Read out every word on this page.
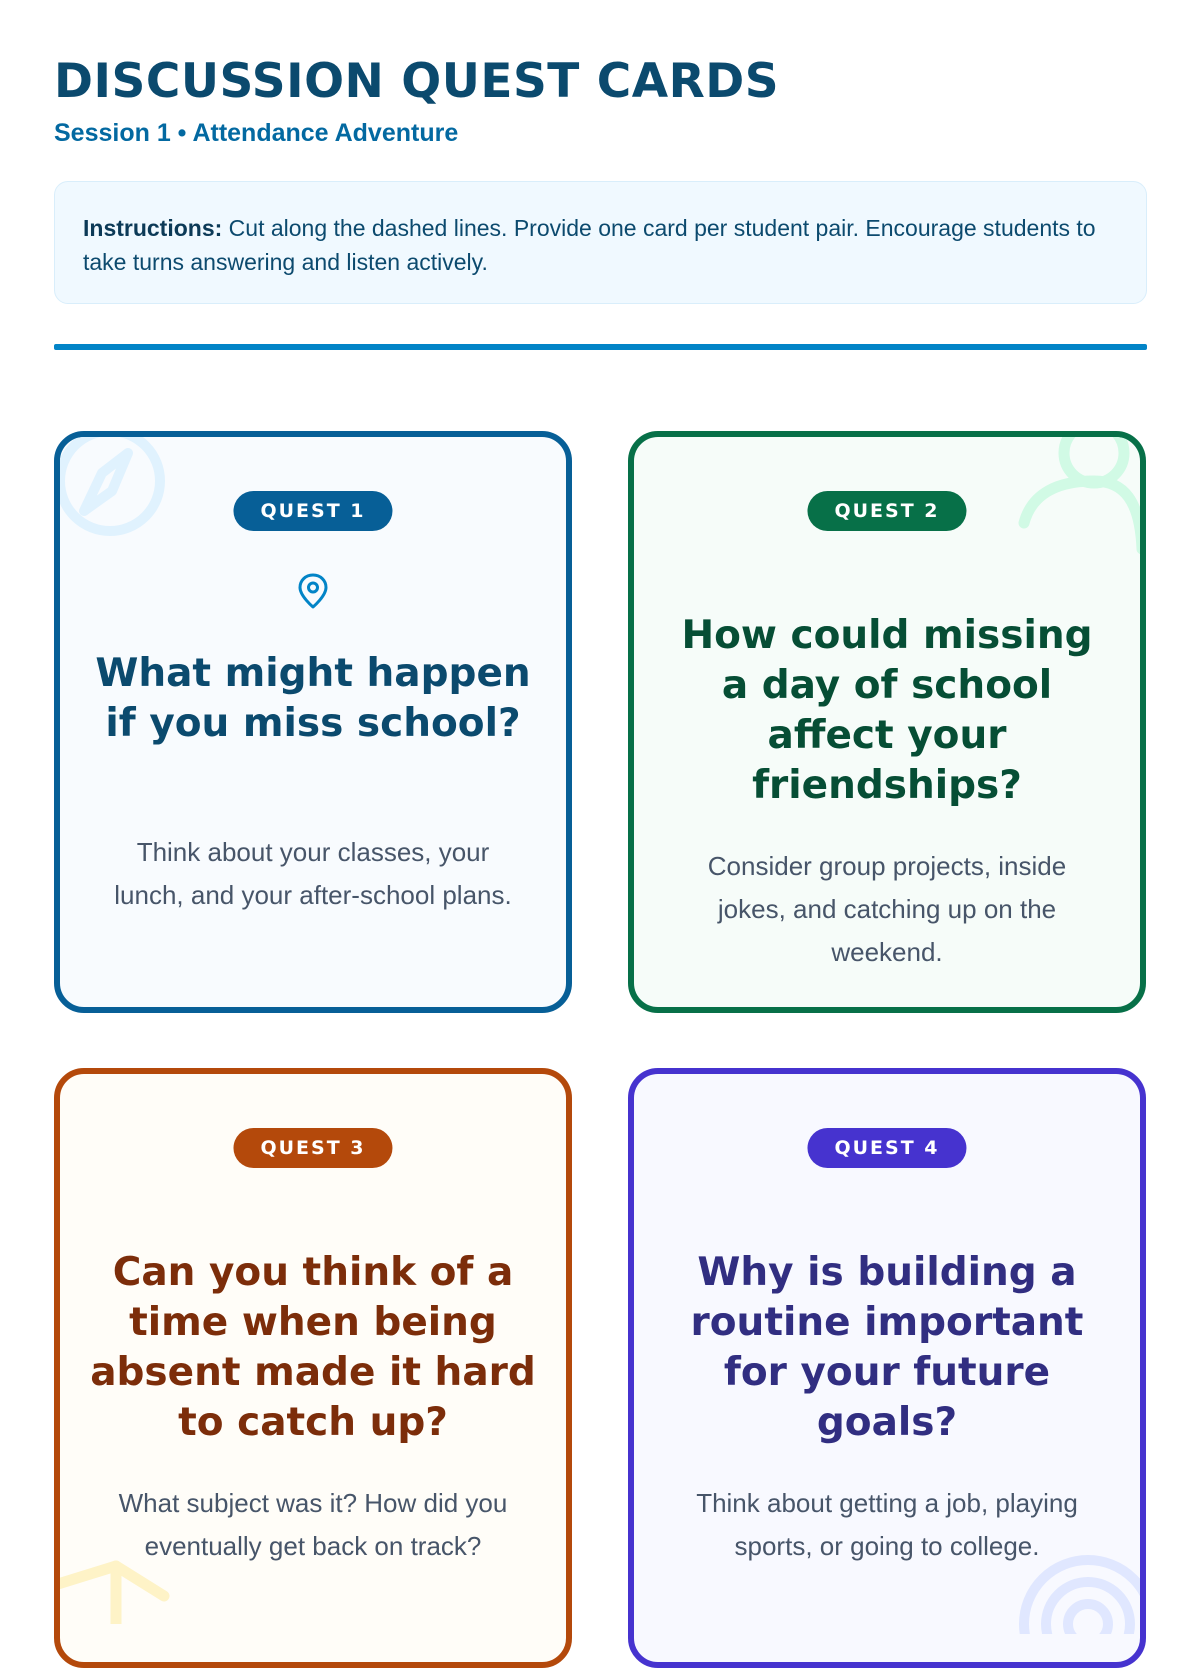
DISCUSSION QUEST CARDS
Session 1 • Attendance Adventure
Instructions: Cut along the dashed lines. Provide one card per student pair. Encourage students to take turns answering and listen actively.
QUEST 1
What might happen if you miss school?

Think about your classes, your lunch, and your after-school plans.

QUEST 2
How could missing a day of school affect your friendships?

Consider group projects, inside jokes, and catching up on the weekend.

QUEST 3
Can you think of a time when being absent made it hard to catch up?

What subject was it? How did you eventually get back on track?

QUEST 4
Why is building a routine important for your future goals?

Think about getting a job, playing sports, or going to college.
